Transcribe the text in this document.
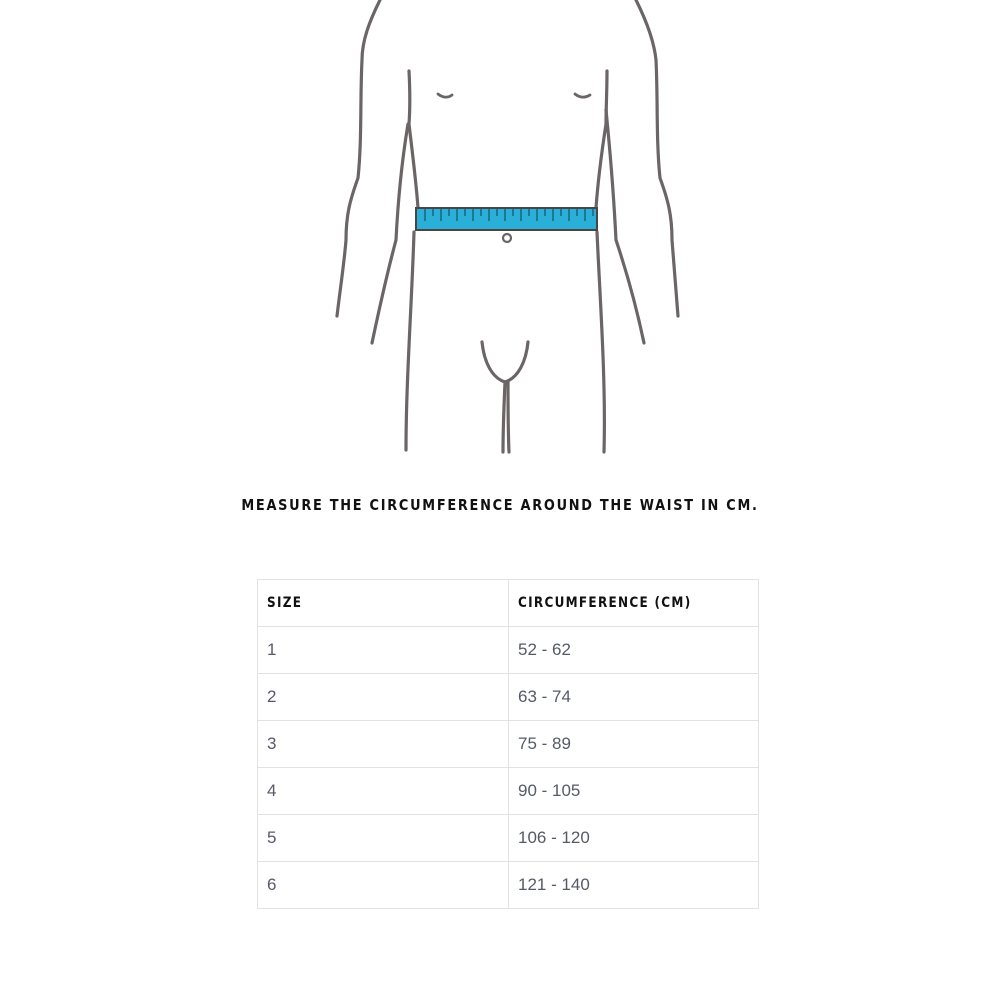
MEASURE THE CIRCUMFERENCE AROUND THE WAIST IN CM.

SIZE	CIRCUMFERENCE (CM)
1	52 - 62
2	63 - 74
3	75 - 89
4	90 - 105
5	106 - 120
6	121 - 140
